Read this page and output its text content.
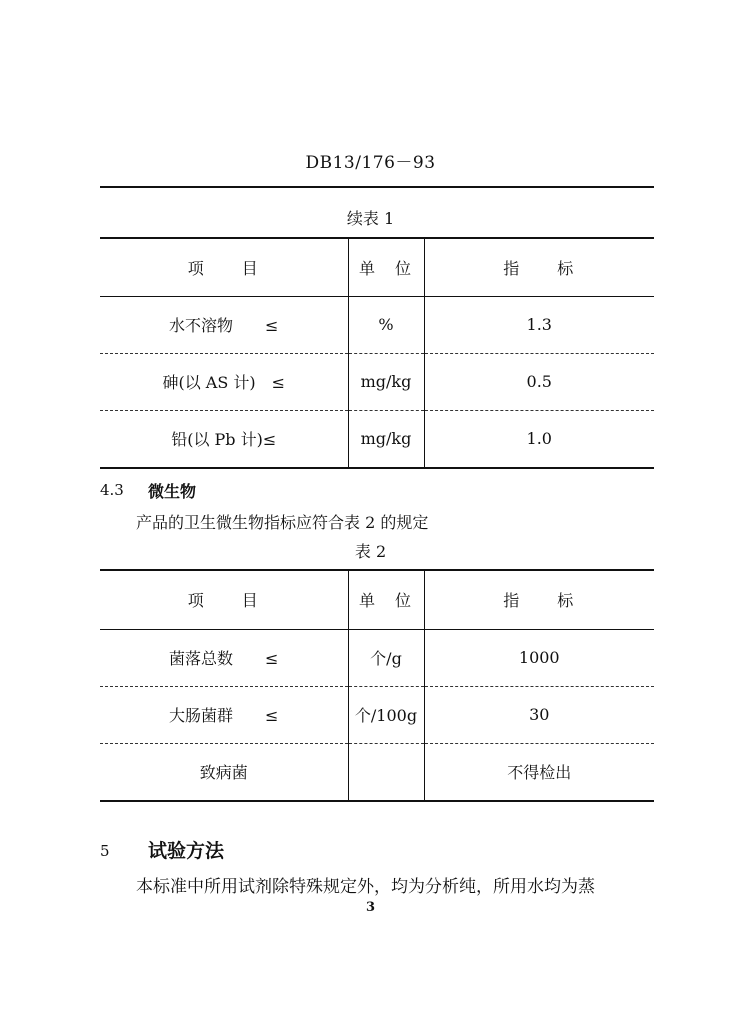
DB13/176－93
续表 1
项　　目	单　位	指　　标
水不溶物　　≤	%	1.3
砷(以 AS 计)　≤	mg/kg	0.5
铅(以 Pb 计)≤	mg/kg	1.0
4.3 微生物
产品的卫生微生物指标应符合表 2 的规定
表 2
项　　目	单　位	指　　标
菌落总数　　≤	个/g	1000
大肠菌群　　≤	个/100g	30
致病菌		不得检出
5 试验方法
本标准中所用试剂除特殊规定外，均为分析纯，所用水均为蒸
3
